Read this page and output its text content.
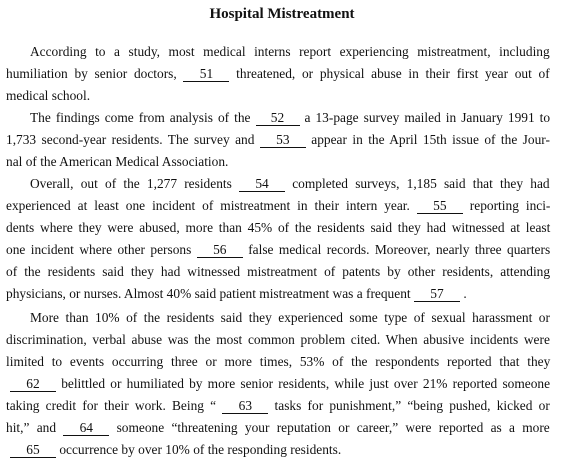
Hospital Mistreatment
According to a study, most medical interns report experiencing mistreatment, including
humiliation by senior doctors, 51 threatened, or physical abuse in their first year out of
medical school.
The findings come from analysis of the 52 a 13-page survey mailed in January 1991 to
1,733 second-year residents. The survey and 53 appear in the April 15th issue of the Jour-
nal of the American Medical Association.
Overall, out of the 1,277 residents 54 completed surveys, 1,185 said that they had
experienced at least one incident of mistreatment in their intern year. 55 reporting inci-
dents where they were abused, more than 45% of the residents said they had witnessed at least
one incident where other persons 56 false medical records. Moreover, nearly three quarters
of the residents said they had witnessed mistreatment of patents by other residents, attending
physicians, or nurses. Almost 40% said patient mistreatment was a frequent 57 .
More than 10% of the residents said they experienced some type of sexual harassment or
discrimination, verbal abuse was the most common problem cited. When abusive incidents were
limited to events occurring three or more times, 53% of the respondents reported that they
62 belittled or humiliated by more senior residents, while just over 21% reported someone
taking credit for their work. Being “ 63 tasks for punishment,” “being pushed, kicked or
hit,” and 64 someone “threatening your reputation or career,” were reported as a more
65 occurrence by over 10% of the responding residents.
